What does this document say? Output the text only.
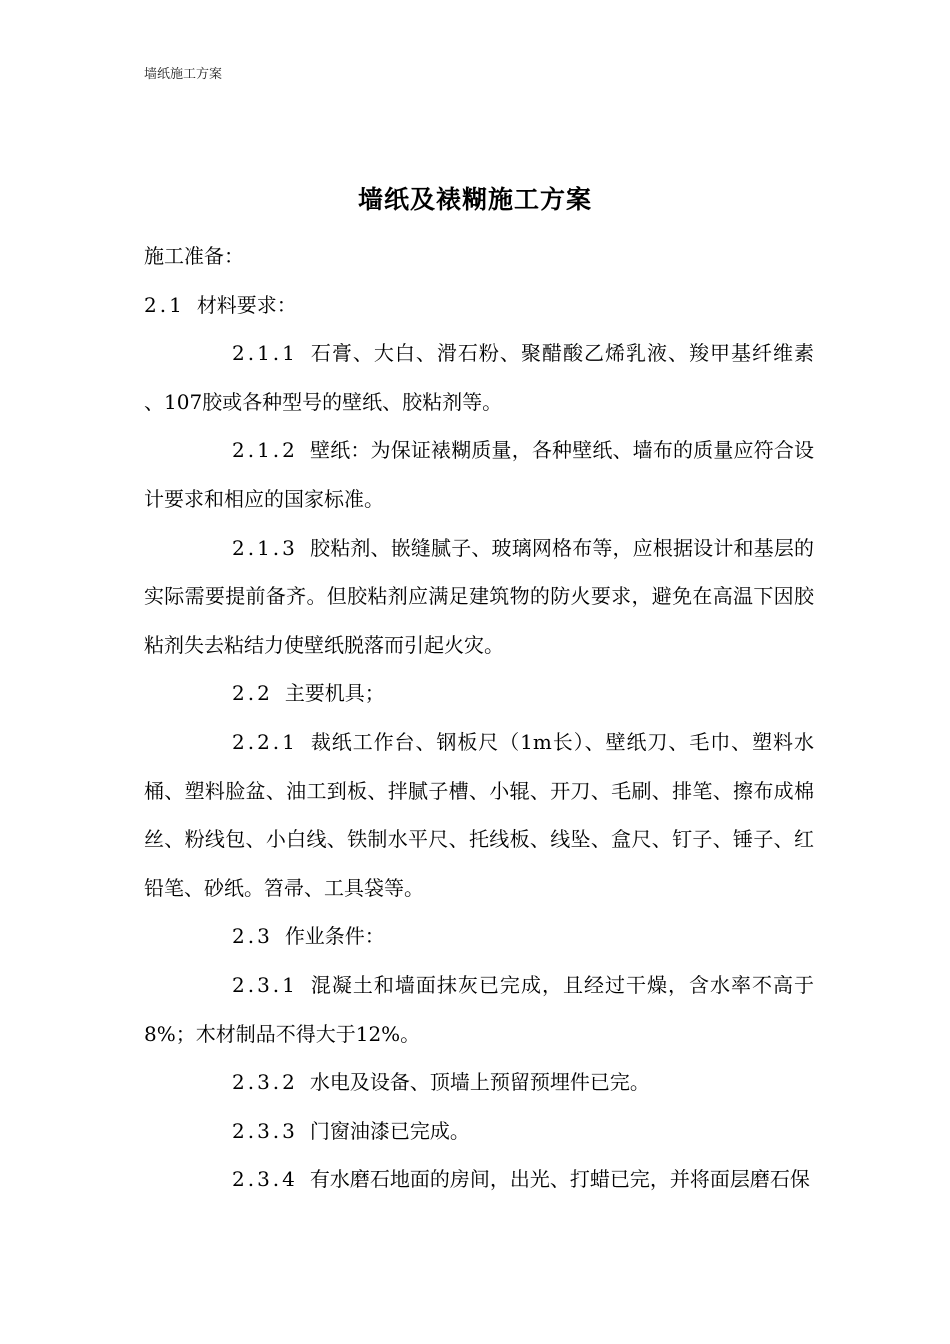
墙纸施工方案
墙纸及裱糊施工方案

施工准备：

2.1 材料要求：

2.1.1 石膏、大白、滑石粉、聚醋酸乙烯乳液、羧甲基纤维素 、107胶或各种型号的壁纸、胶粘剂等。

2.1.2 壁纸：为保证裱糊质量，各种壁纸、墙布的质量应符合设计要求和相应的国家标准。

2.1.3 胶粘剂、嵌缝腻子、玻璃网格布等，应根据设计和基层的实际需要提前备齐。但胶粘剂应满足建筑物的防火要求，避免在高温下因胶粘剂失去粘结力使壁纸脱落而引起火灾。

2.2 主要机具；

2.2.1 裁纸工作台、钢板尺（1m长）、壁纸刀、毛巾、塑料水桶、塑料脸盆、油工到板、拌腻子槽、小辊、开刀、毛刷、排笔、擦布成棉丝、粉线包、小白线、铁制水平尺、托线板、线坠、盒尺、钉子、锤子、红铅笔、砂纸。笤帚、工具袋等。

2.3 作业条件：

2.3.1 混凝土和墙面抹灰已完成，且经过干燥，含水率不高于8%；木材制品不得大于12%。

2.3.2 水电及设备、顶墙上预留预埋件已完。

2.3.3 门窗油漆已完成。

2.3.4 有水磨石地面的房间，出光、打蜡已完，并将面层磨石保
